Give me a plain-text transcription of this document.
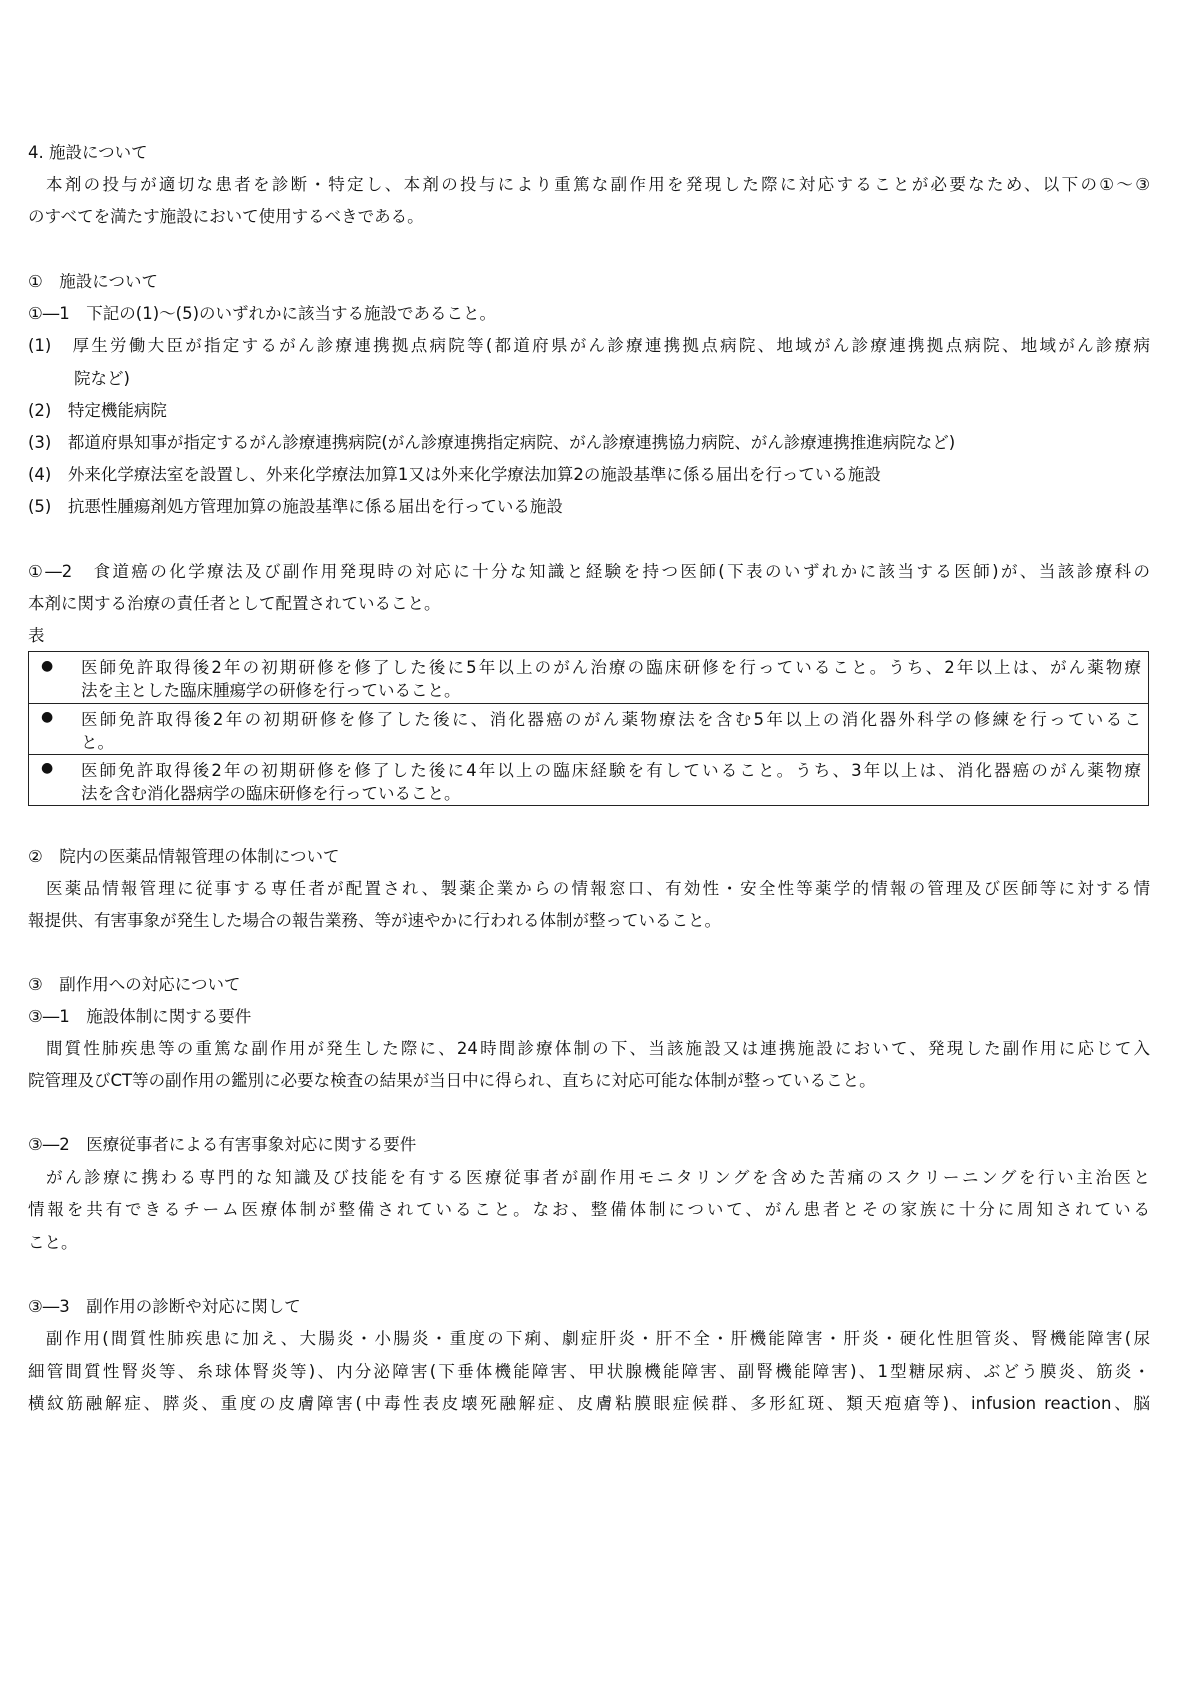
4. 施設について
本剤の投与が適切な患者を診断・特定し、本剤の投与により重篤な副作用を発現した際に対応することが必要なため、以下の①～③
のすべてを満たす施設において使用するべきである。
①　施設について
①―1　下記の(1)～(5)のいずれかに該当する施設であること。
(1)　厚生労働大臣が指定するがん診療連携拠点病院等(都道府県がん診療連携拠点病院、地域がん診療連携拠点病院、地域がん診療病
院など)
(2)　特定機能病院
(3)　都道府県知事が指定するがん診療連携病院(がん診療連携指定病院、がん診療連携協力病院、がん診療連携推進病院など)
(4)　外来化学療法室を設置し、外来化学療法加算1又は外来化学療法加算2の施設基準に係る届出を行っている施設
(5)　抗悪性腫瘍剤処方管理加算の施設基準に係る届出を行っている施設
①―2　食道癌の化学療法及び副作用発現時の対応に十分な知識と経験を持つ医師(下表のいずれかに該当する医師)が、当該診療科の
本剤に関する治療の責任者として配置されていること。
表
● 医師免許取得後2年の初期研修を修了した後に5年以上のがん治療の臨床研修を行っていること。うち、2年以上は、がん薬物療
法を主とした臨床腫瘍学の研修を行っていること。
● 医師免許取得後2年の初期研修を修了した後に、消化器癌のがん薬物療法を含む5年以上の消化器外科学の修練を行っているこ
と。
● 医師免許取得後2年の初期研修を修了した後に4年以上の臨床経験を有していること。うち、3年以上は、消化器癌のがん薬物療
法を含む消化器病学の臨床研修を行っていること。
②　院内の医薬品情報管理の体制について
医薬品情報管理に従事する専任者が配置され、製薬企業からの情報窓口、有効性・安全性等薬学的情報の管理及び医師等に対する情
報提供、有害事象が発生した場合の報告業務、等が速やかに行われる体制が整っていること。
③　副作用への対応について
③―1　施設体制に関する要件
間質性肺疾患等の重篤な副作用が発生した際に、24時間診療体制の下、当該施設又は連携施設において、発現した副作用に応じて入
院管理及びCT等の副作用の鑑別に必要な検査の結果が当日中に得られ、直ちに対応可能な体制が整っていること。
③―2　医療従事者による有害事象対応に関する要件
がん診療に携わる専門的な知識及び技能を有する医療従事者が副作用モニタリングを含めた苦痛のスクリーニングを行い主治医と
情報を共有できるチーム医療体制が整備されていること。なお、整備体制について、がん患者とその家族に十分に周知されている
こと。
③―3　副作用の診断や対応に関して
副作用(間質性肺疾患に加え、大腸炎・小腸炎・重度の下痢、劇症肝炎・肝不全・肝機能障害・肝炎・硬化性胆管炎、腎機能障害(尿
細管間質性腎炎等、糸球体腎炎等)、内分泌障害(下垂体機能障害、甲状腺機能障害、副腎機能障害)、1型糖尿病、ぶどう膜炎、筋炎・
横紋筋融解症、膵炎、重度の皮膚障害(中毒性表皮壊死融解症、皮膚粘膜眼症候群、多形紅斑、類天疱瘡等)、infusion reaction、脳
